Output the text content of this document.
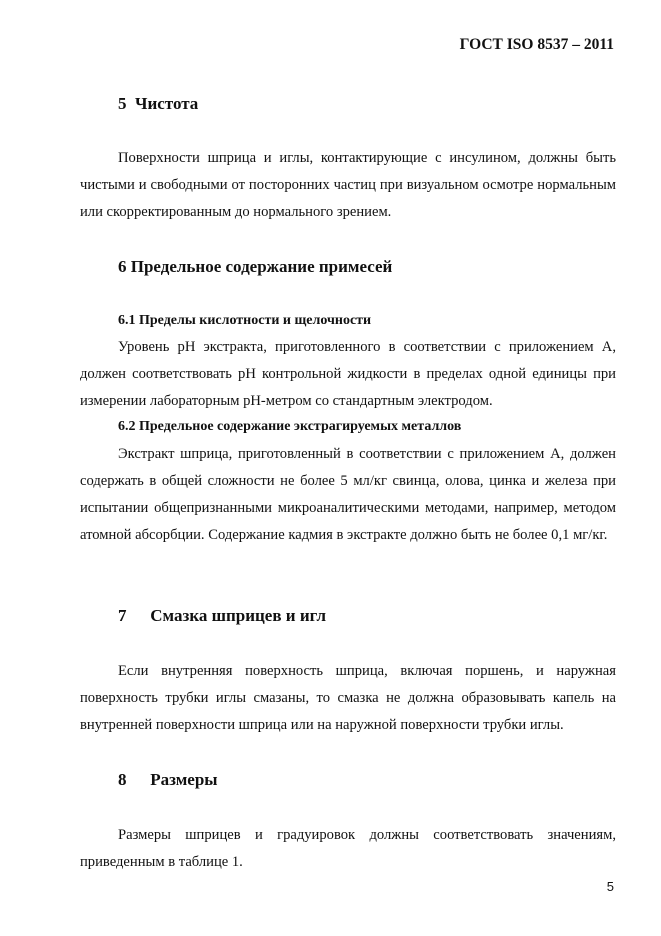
ГОСТ ISO 8537 – 2011
5 Чистота

Поверхности шприца и иглы, контактирующие с инсулином, должны быть чистыми и свободными от посторонних частиц при визуальном осмотре нормальным или скорректированным до нормального зрением.

6 Предельное содержание примесей
6.1 Пределы кислотности и щелочности

Уровень рН экстракта, приготовленного в соответствии с приложением А, должен соответствовать рН контрольной жидкости в пределах одной единицы при измерении лабораторным рН-метром со стандартным электродом.

6.2 Предельное содержание экстрагируемых металлов

Экстракт шприца, приготовленный в соответствии с приложением А, должен содержать в общей сложности не более 5 мл/кг свинца, олова, цинка и железа при испытании общепризнанными микроаналитическими методами, например, методом атомной абсорбции. Содержание кадмия в экстракте должно быть не более 0,1 мг/кг.

7 Смазка шприцев и игл

Если внутренняя поверхность шприца, включая поршень, и наружная поверхность трубки иглы смазаны, то смазка не должна образовывать капель на внутренней поверхности шприца или на наружной поверхности трубки иглы.

8 Размеры

Размеры шприцев и градуировок должны соответствовать значениям, приведенным в таблице 1.

5
